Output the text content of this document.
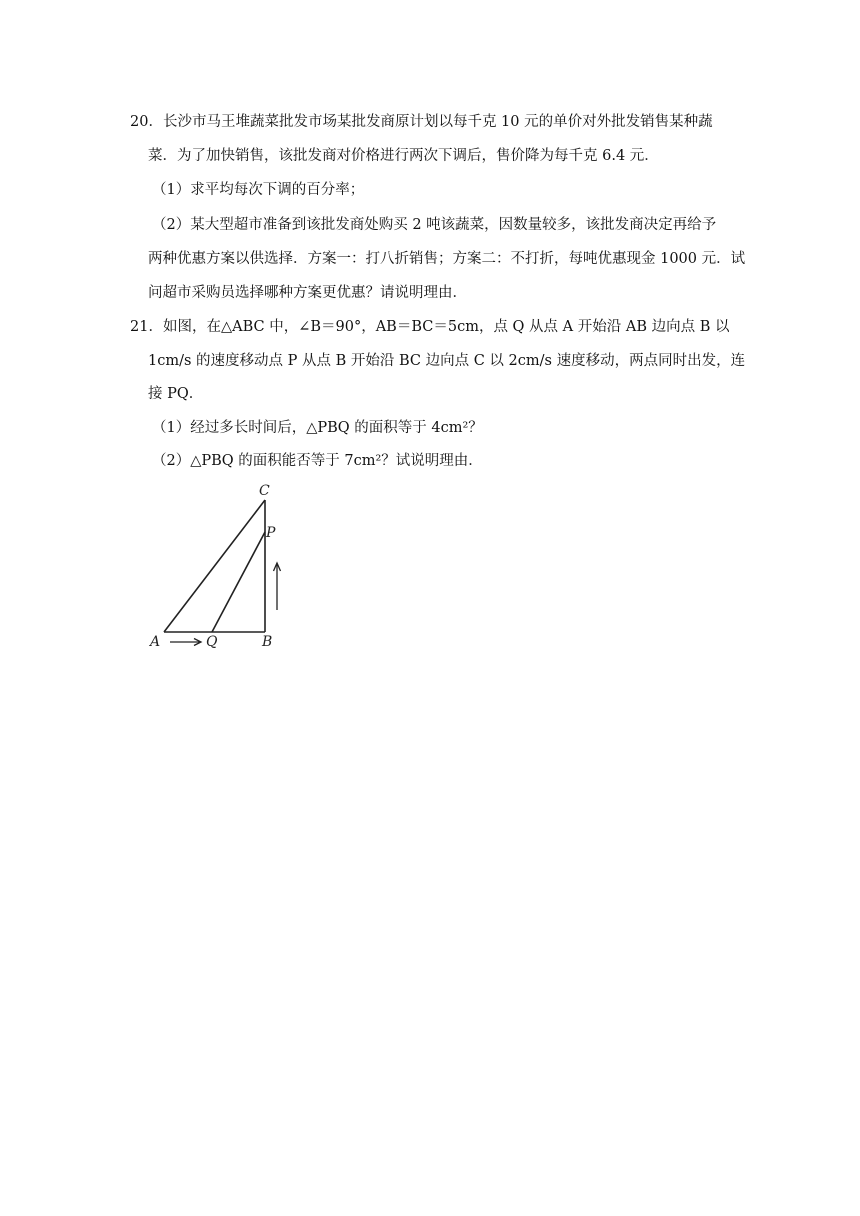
20．长沙市马王堆蔬菜批发市场某批发商原计划以每千克 10 元的单价对外批发销售某种蔬
菜．为了加快销售，该批发商对价格进行两次下调后，售价降为每千克 6.4 元．
（1）求平均每次下调的百分率；
（2）某大型超市准备到该批发商处购买 2 吨该蔬菜，因数量较多，该批发商决定再给予
两种优惠方案以供选择．方案一：打八折销售；方案二：不打折，每吨优惠现金 1000 元．试
问超市采购员选择哪种方案更优惠？请说明理由．
21．如图，在△ABC 中，∠B＝90°，AB＝BC＝5cm，点 Q 从点 A 开始沿 AB 边向点 B 以
1cm/s 的速度移动点 P 从点 B 开始沿 BC 边向点 C 以 2cm/s 速度移动，两点同时出发，连
接 PQ．
（1）经过多长时间后，△PBQ 的面积等于 4cm²？
（2）△PBQ 的面积能否等于 7cm²？试说明理由．
C
P
A	Q	B
